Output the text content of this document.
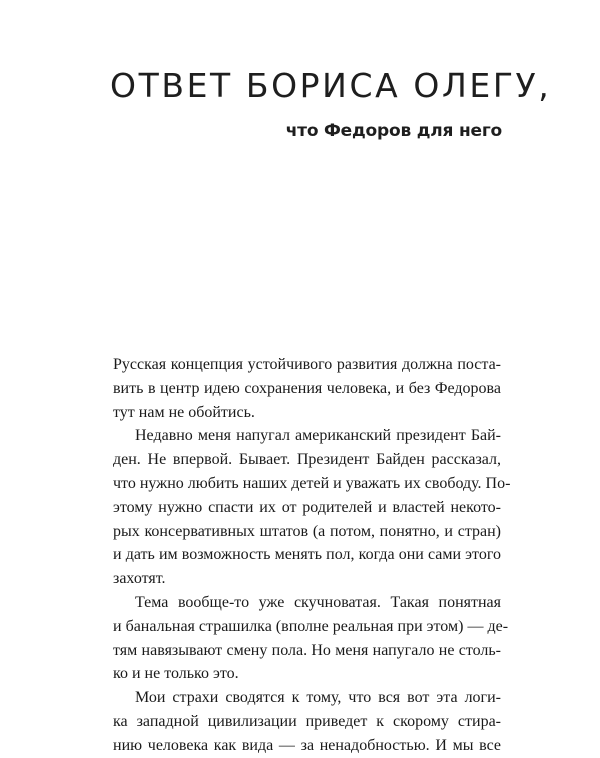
ОТВЕТ БОРИСА ОЛЕГУ,
что Федоров для него

Русская концепция устойчивого развития должна поста-
вить в центр идею сохранения человека, и без Федорова
тут нам не обойтись.

Недавно меня напугал американский президент Бай-
ден. Не впервой. Бывает. Президент Байден рассказал,
что нужно любить наших детей и уважать их свободу. По-
этому нужно спасти их от родителей и властей некото-
рых консервативных штатов (а потом, понятно, и стран)
и дать им возможность менять пол, когда они сами этого
захотят.

Тема вообще-то уже скучноватая. Такая понятная
и банальная страшилка (вполне реальная при этом) — де-
тям навязывают смену пола. Но меня напугало не столь-
ко и не только это.

Мои страхи сводятся к тому, что вся вот эта логи-
ка западной цивилизации приведет к скорому стира-
нию человека как вида — за ненадобностью. И мы все
